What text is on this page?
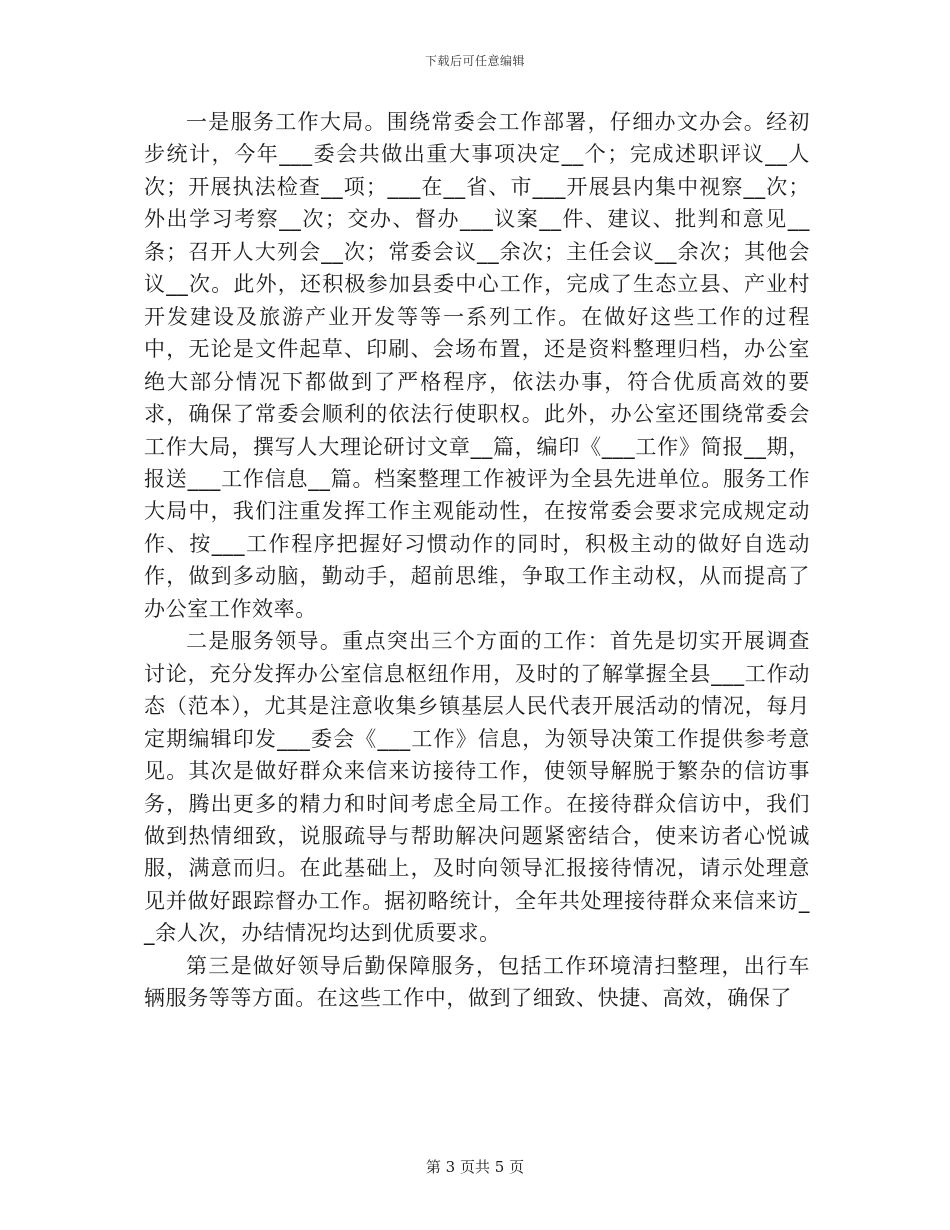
下载后可任意编辑

一是服务工作大局。围绕常委会工作部署，仔细办文办会。经初步统计，今年___委会共做出重大事项决定__个；完成述职评议__人次；开展执法检查__项；___在__省、市___开展县内集中视察__次；外出学习考察__次；交办、督办___议案__件、建议、批判和意见__条；召开人大列会__次；常委会议__余次；主任会议__余次；其他会议__次。此外，还积极参加县委中心工作，完成了生态立县、产业村开发建设及旅游产业开发等等一系列工作。在做好这些工作的过程中，无论是文件起草、印刷、会场布置，还是资料整理归档，办公室绝大部分情况下都做到了严格程序，依法办事，符合优质高效的要求，确保了常委会顺利的依法行使职权。此外，办公室还围绕常委会工作大局，撰写人大理论研讨文章__篇，编印《___工作》简报__期，报送___工作信息__篇。档案整理工作被评为全县先进单位。服务工作大局中，我们注重发挥工作主观能动性，在按常委会要求完成规定动作、按___工作程序把握好习惯动作的同时，积极主动的做好自选动作，做到多动脑，勤动手，超前思维，争取工作主动权，从而提高了办公室工作效率。

二是服务领导。重点突出三个方面的工作：首先是切实开展调查讨论，充分发挥办公室信息枢纽作用，及时的了解掌握全县___工作动态（范本），尤其是注意收集乡镇基层人民代表开展活动的情况，每月定期编辑印发___委会《___工作》信息，为领导决策工作提供参考意见。其次是做好群众来信来访接待工作，使领导解脱于繁杂的信访事务，腾出更多的精力和时间考虑全局工作。在接待群众信访中，我们做到热情细致，说服疏导与帮助解决问题紧密结合，使来访者心悦诚服，满意而归。在此基础上，及时向领导汇报接待情况，请示处理意见并做好跟踪督办工作。据初略统计，全年共处理接待群众来信来访__余人次，办结情况均达到优质要求。

第三是做好领导后勤保障服务，包括工作环境清扫整理，出行车辆服务等等方面。在这些工作中，做到了细致、快捷、高效，确保了

第 3 页共 5 页
